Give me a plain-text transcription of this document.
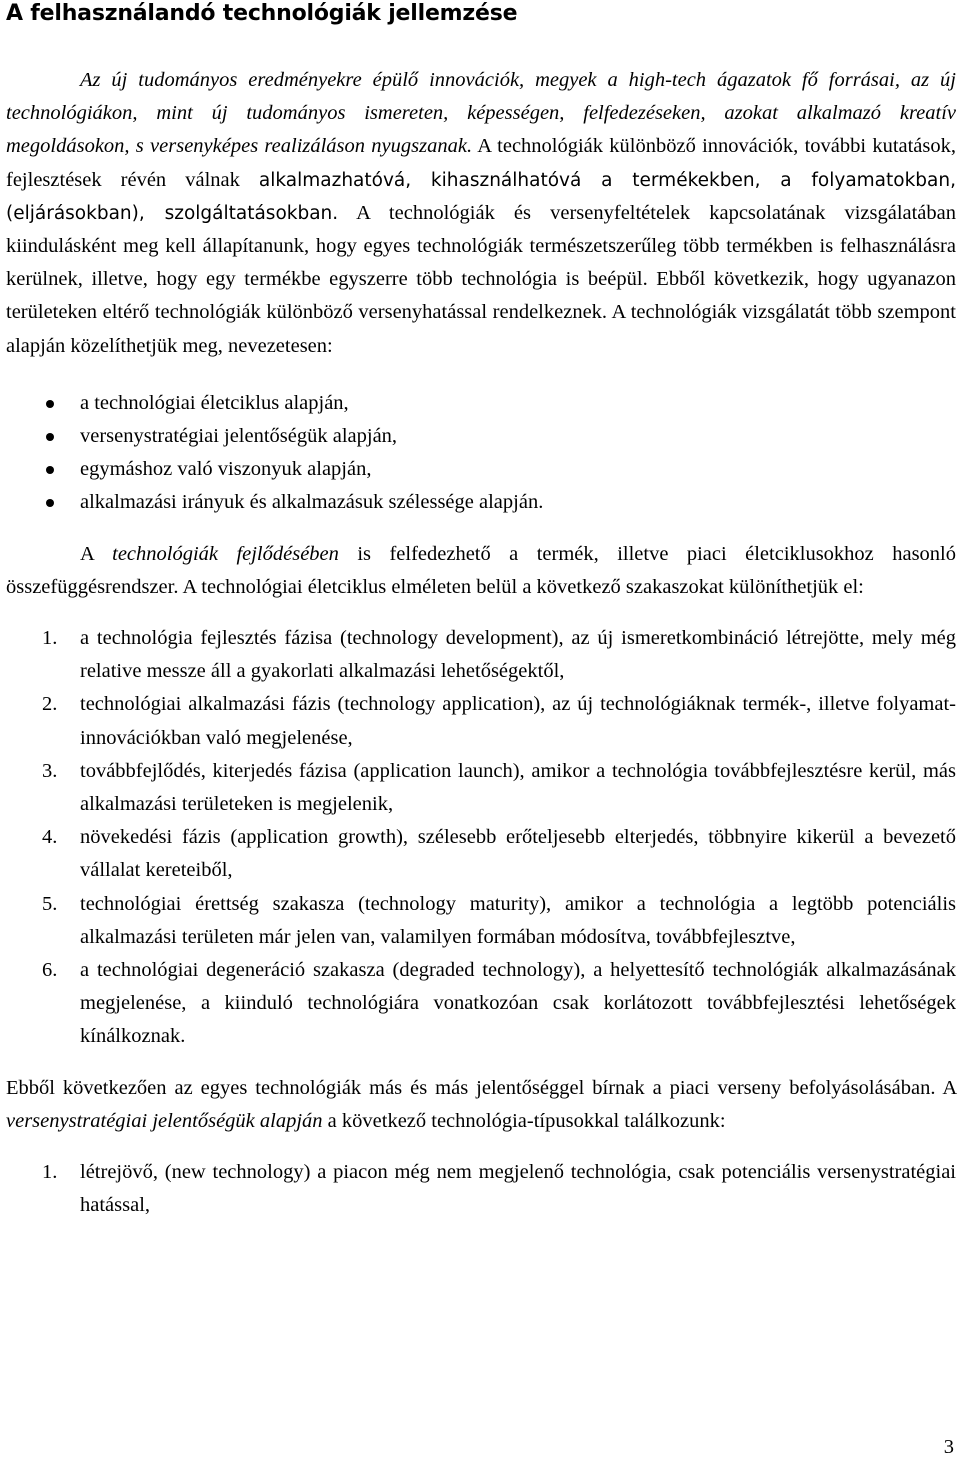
A felhasználandó technológiák jellemzése

Az új tudományos eredményekre épülő innovációk, megyek a high-tech ágazatok fő forrásai, az új technológiákon, mint új tudományos ismereten, képességen, felfedezéseken, azokat alkalmazó kreatív megoldásokon, s versenyképes realizáláson nyugszanak. A technológiák különböző innovációk, további kutatások, fejlesztések révén válnak alkalmazhatóvá, kihasználhatóvá a termékekben, a folyamatokban, (eljárásokban), szolgáltatásokban. A technológiák és versenyfeltételek kapcsolatának vizsgálatában kiindulásként meg kell állapítanunk, hogy egyes technológiák természetszerűleg több termékben is felhasználásra kerülnek, illetve, hogy egy termékbe egyszerre több technológia is beépül. Ebből következik, hogy ugyanazon területeken eltérő technológiák különböző versenyhatással rendelkeznek. A technológiák vizsgálatát több szempont alapján közelíthetjük meg, nevezetesen:

a technológiai életciklus alapján,
versenystratégiai jelentőségük alapján,
egymáshoz való viszonyuk alapján,
alkalmazási irányuk és alkalmazásuk szélessége alapján.

A technológiák fejlődésében is felfedezhető a termék, illetve piaci életciklusokhoz hasonló összefüggésrendszer. A technológiai életciklus elméleten belül a következő szakaszokat különíthetjük el:

1. a technológia fejlesztés fázisa (technology development), az új ismeretkombináció létrejötte, mely még relative messze áll a gyakorlati alkalmazási lehetőségektől,
2. technológiai alkalmazási fázis (technology application), az új technológiáknak termék-, illetve folyamat-innovációkban való megjelenése,
3. továbbfejlődés, kiterjedés fázisa (application launch), amikor a technológia továbbfejlesztésre kerül, más alkalmazási területeken is megjelenik,
4. növekedési fázis (application growth), szélesebb erőteljesebb elterjedés, többnyire kikerül a bevezető vállalat kereteiből,
5. technológiai érettség szakasza (technology maturity), amikor a technológia a legtöbb potenciális alkalmazási területen már jelen van, valamilyen formában módosítva, továbbfejlesztve,
6. a technológiai degeneráció szakasza (degraded technology), a helyettesítő technológiák alkalmazásának megjelenése, a kiinduló technológiára vonatkozóan csak korlátozott továbbfejlesztési lehetőségek kínálkoznak.

Ebből következően az egyes technológiák más és más jelentőséggel bírnak a piaci verseny befolyásolásában. A versenystratégiai jelentőségük alapján a következő technológia-típusokkal találkozunk:

1. létrejövő, (new technology) a piacon még nem megjelenő technológia, csak potenciális versenystratégiai hatással,
3
